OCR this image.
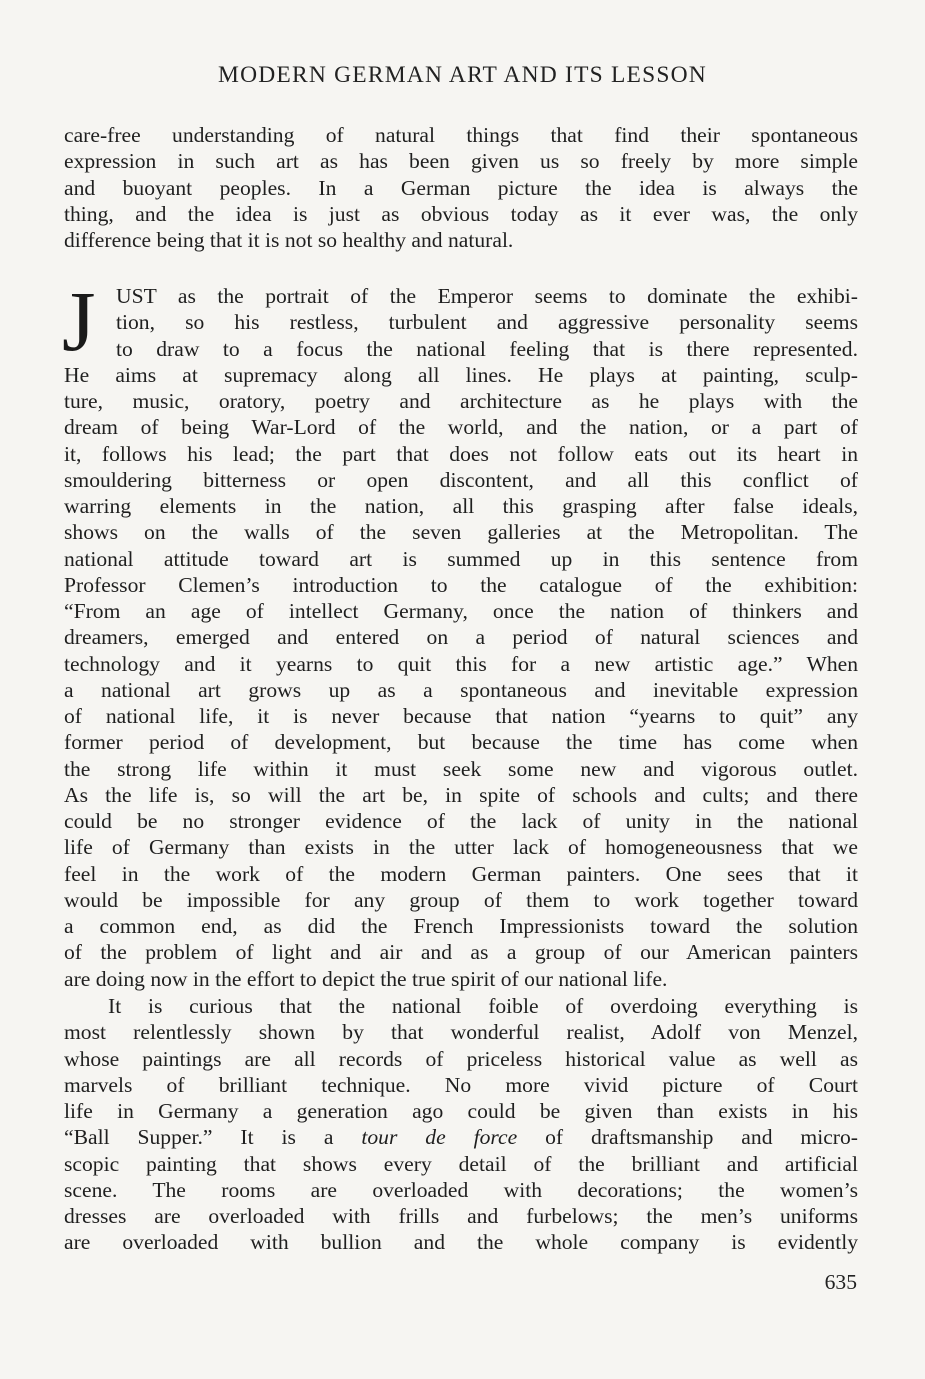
MODERN GERMAN ART AND ITS LESSON

care-free understanding of natural things that find their spontaneous
expression in such art as has been given us so freely by more simple
and buoyant peoples. In a German picture the idea is always the
thing, and the idea is just as obvious today as it ever was, the only
difference being that it is not so healthy and natural.

J UST as the portrait of the Emperor seems to dominate the exhibi-
tion, so his restless, turbulent and aggressive personality seems
to draw to a focus the national feeling that is there represented.

He aims at supremacy along all lines. He plays at painting, sculp-
ture, music, oratory, poetry and architecture as he plays with the
dream of being War-Lord of the world, and the nation, or a part of
it, follows his lead; the part that does not follow eats out its heart in
smouldering bitterness or open discontent, and all this conflict of
warring elements in the nation, all this grasping after false ideals,
shows on the walls of the seven galleries at the Metropolitan. The
national attitude toward art is summed up in this sentence from
Professor Clemen’s introduction to the catalogue of the exhibition:
“From an age of intellect Germany, once the nation of thinkers and
dreamers, emerged and entered on a period of natural sciences and
technology and it yearns to quit this for a new artistic age.” When
a national art grows up as a spontaneous and inevitable expression
of national life, it is never because that nation “yearns to quit” any
former period of development, but because the time has come when
the strong life within it must seek some new and vigorous outlet.
As the life is, so will the art be, in spite of schools and cults; and there
could be no stronger evidence of the lack of unity in the national
life of Germany than exists in the utter lack of homogeneousness that we
feel in the work of the modern German painters. One sees that it
would be impossible for any group of them to work together toward
a common end, as did the French Impressionists toward the solution
of the problem of light and air and as a group of our American painters
are doing now in the effort to depict the true spirit of our national life.

It is curious that the national foible of overdoing everything is
most relentlessly shown by that wonderful realist, Adolf von Menzel,
whose paintings are all records of priceless historical value as well as
marvels of brilliant technique. No more vivid picture of Court
life in Germany a generation ago could be given than exists in his
“Ball Supper.” It is a tour de force of draftsmanship and micro-
scopic painting that shows every detail of the brilliant and artificial
scene. The rooms are overloaded with decorations; the women’s
dresses are overloaded with frills and furbelows; the men’s uniforms
are overloaded with bullion and the whole company is evidently

635
